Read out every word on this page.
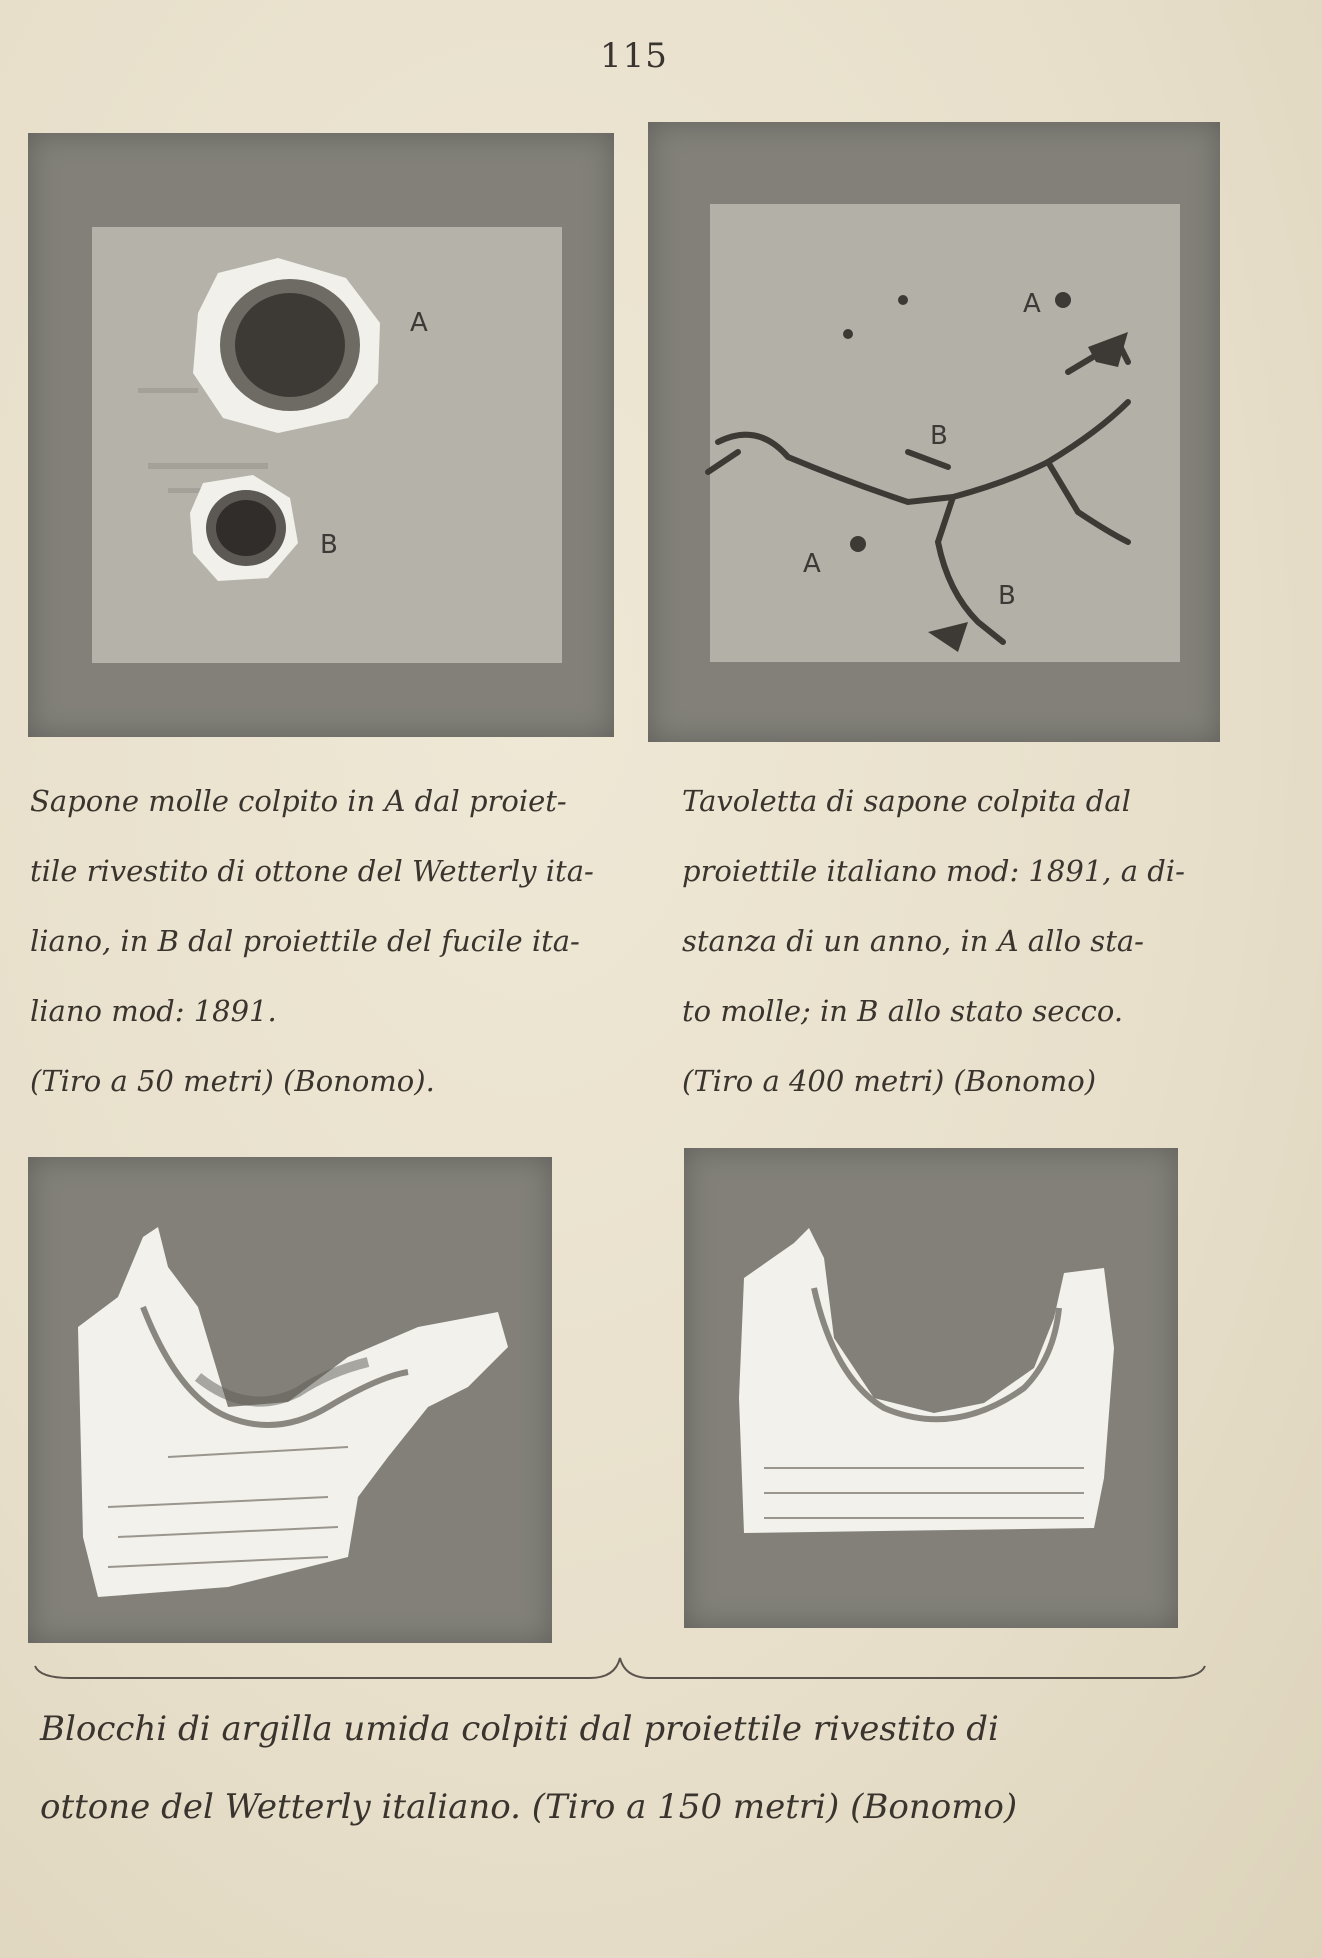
115
A
B
A
B
A
B
Sapone molle colpito in A dal proiet-
tile rivestito di ottone del Wetterly ita-
liano, in B dal proiettile del fucile ita-
liano mod: 1891.
(Tiro a 50 metri) (Bonomo).
Tavoletta di sapone colpita dal
proiettile italiano mod: 1891, a di-
stanza di un anno, in A allo sta-
to molle; in B allo stato secco.
(Tiro a 400 metri) (Bonomo)
Blocchi di argilla umida colpiti dal proiettile rivestito di
ottone del Wetterly italiano. (Tiro a 150 metri) (Bonomo)
